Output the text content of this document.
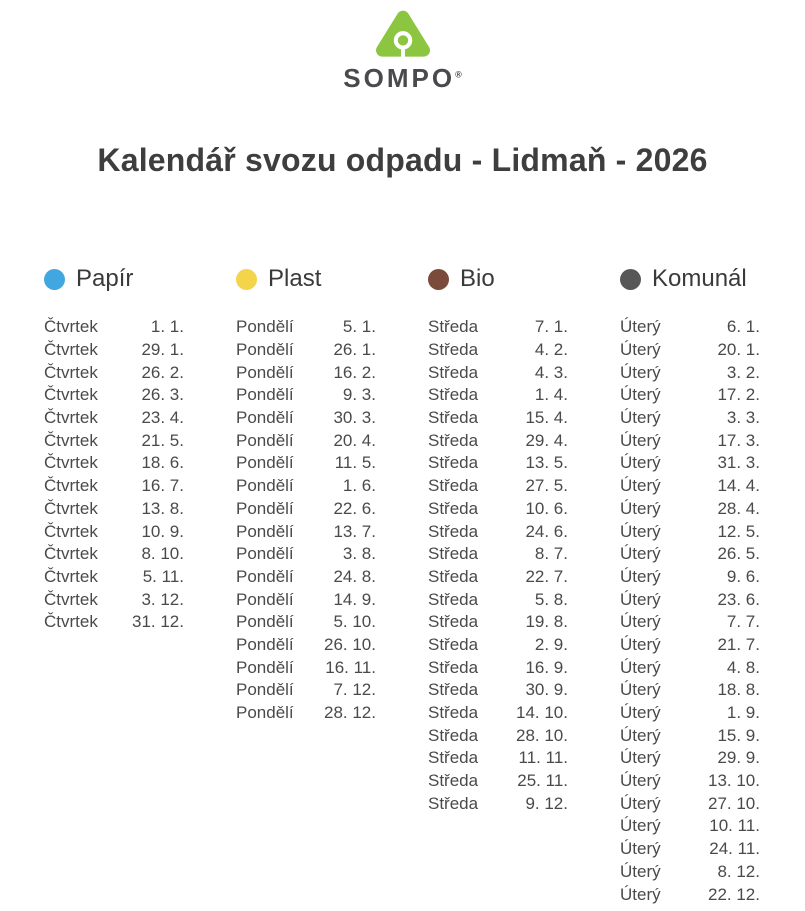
SOMPO®
Kalendář svozu odpadu - Lidmaň - 2026
Papír
Čtvrtek	1. 1.
Čtvrtek	29. 1.
Čtvrtek	26. 2.
Čtvrtek	26. 3.
Čtvrtek	23. 4.
Čtvrtek	21. 5.
Čtvrtek	18. 6.
Čtvrtek	16. 7.
Čtvrtek	13. 8.
Čtvrtek	10. 9.
Čtvrtek	8. 10.
Čtvrtek	5. 11.
Čtvrtek	3. 12.
Čtvrtek 31. 12.
Plast
Pondělí	5. 1.
Pondělí 26. 1.
Pondělí 16. 2.
Pondělí	9. 3.
Pondělí 30. 3.
Pondělí 20. 4.
Pondělí 11. 5.
Pondělí	1. 6.
Pondělí 22. 6.
Pondělí 13. 7.
Pondělí	3. 8.
Pondělí 24. 8.
Pondělí 14. 9.
Pondělí 5. 10.
Pondělí 26. 10.
Pondělí 16. 11.
Pondělí 7. 12.
Pondělí 28. 12.
Bio
Středa	7. 1.
Středa	4. 2.
Středa	4. 3.
Středa	1. 4.
Středa	15. 4.
Středa	29. 4.
Středa	13. 5.
Středa	27. 5.
Středa	10. 6.
Středa	24. 6.
Středa	8. 7.
Středa	22. 7.
Středa	5. 8.
Středa	19. 8.
Středa	2. 9.
Středa	16. 9.
Středa	30. 9.
Středa 14. 10.
Středa 28. 10.
Středa 11. 11.
Středa 25. 11.
Středa	9. 12.
Komunál
Úterý	6. 1.
Úterý	20. 1.
Úterý	3. 2.
Úterý	17. 2.
Úterý	3. 3.
Úterý	17. 3.
Úterý	31. 3.
Úterý	14. 4.
Úterý	28. 4.
Úterý	12. 5.
Úterý	26. 5.
Úterý	9. 6.
Úterý	23. 6.
Úterý	7. 7.
Úterý	21. 7.
Úterý	4. 8.
Úterý	18. 8.
Úterý	1. 9.
Úterý	15. 9.
Úterý	29. 9.
Úterý	13. 10.
Úterý	27. 10.
Úterý	10. 11.
Úterý	24. 11.
Úterý	8. 12.
Úterý	22. 12.
